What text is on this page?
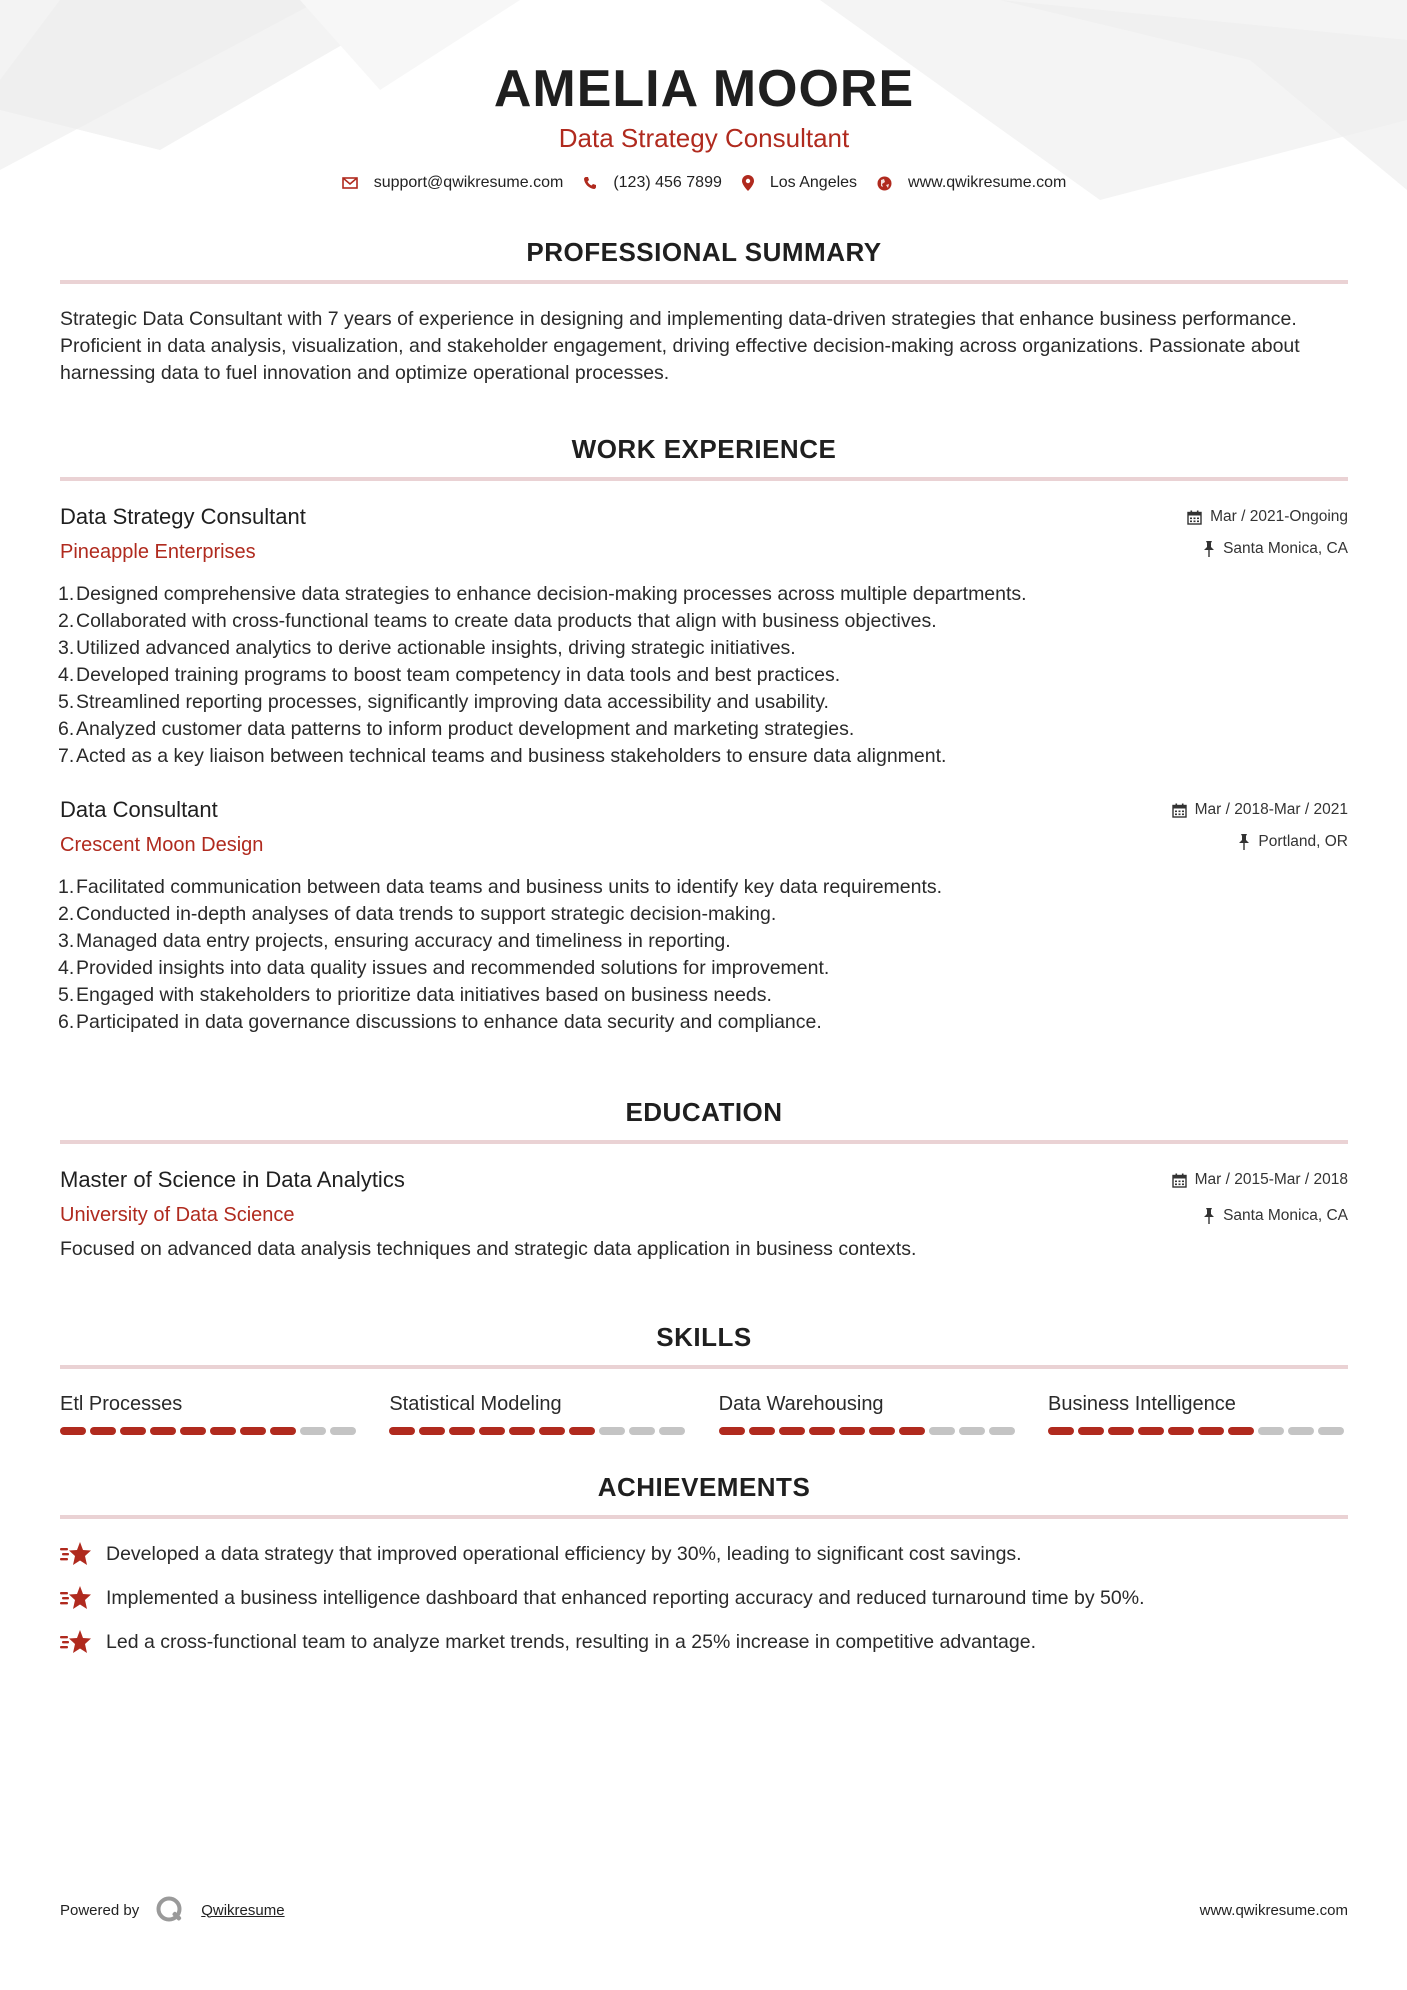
AMELIA MOORE
Data Strategy Consultant
support@qwikresume.com	(123) 456 7899	Los Angeles	www.qwikresume.com
PROFESSIONAL SUMMARY

Strategic Data Consultant with 7 years of experience in designing and implementing data-driven strategies that enhance business performance. Proficient in data analysis, visualization, and stakeholder engagement, driving effective decision-making across organizations. Passionate about harnessing data to fuel innovation and optimize operational processes.

WORK EXPERIENCE
Data Strategy Consultant
Pineapple Enterprises
Mar / 2021-Ongoing
Santa Monica, CA
1. Designed comprehensive data strategies to enhance decision-making processes across multiple departments.
2. Collaborated with cross-functional teams to create data products that align with business objectives.
3. Utilized advanced analytics to derive actionable insights, driving strategic initiatives.
4. Developed training programs to boost team competency in data tools and best practices.
5. Streamlined reporting processes, significantly improving data accessibility and usability.
6. Analyzed customer data patterns to inform product development and marketing strategies.
7. Acted as a key liaison between technical teams and business stakeholders to ensure data alignment.
Data Consultant
Crescent Moon Design
Mar / 2018-Mar / 2021
Portland, OR
1. Facilitated communication between data teams and business units to identify key data requirements.
2. Conducted in-depth analyses of data trends to support strategic decision-making.
3. Managed data entry projects, ensuring accuracy and timeliness in reporting.
4. Provided insights into data quality issues and recommended solutions for improvement.
5. Engaged with stakeholders to prioritize data initiatives based on business needs.
6. Participated in data governance discussions to enhance data security and compliance.
EDUCATION
Master of Science in Data Analytics
University of Data Science
Mar / 2015-Mar / 2018
Santa Monica, CA
Focused on advanced data analysis techniques and strategic data application in business contexts.
SKILLS
Etl Processes	Statistical Modeling	Data Warehousing	Business Intelligence
ACHIEVEMENTS
Developed a data strategy that improved operational efficiency by 30%, leading to significant cost savings.
Implemented a business intelligence dashboard that enhanced reporting accuracy and reduced turnaround time by 50%.
Led a cross-functional team to analyze market trends, resulting in a 25% increase in competitive advantage.
Powered by	Qwikresume	www.qwikresume.com
